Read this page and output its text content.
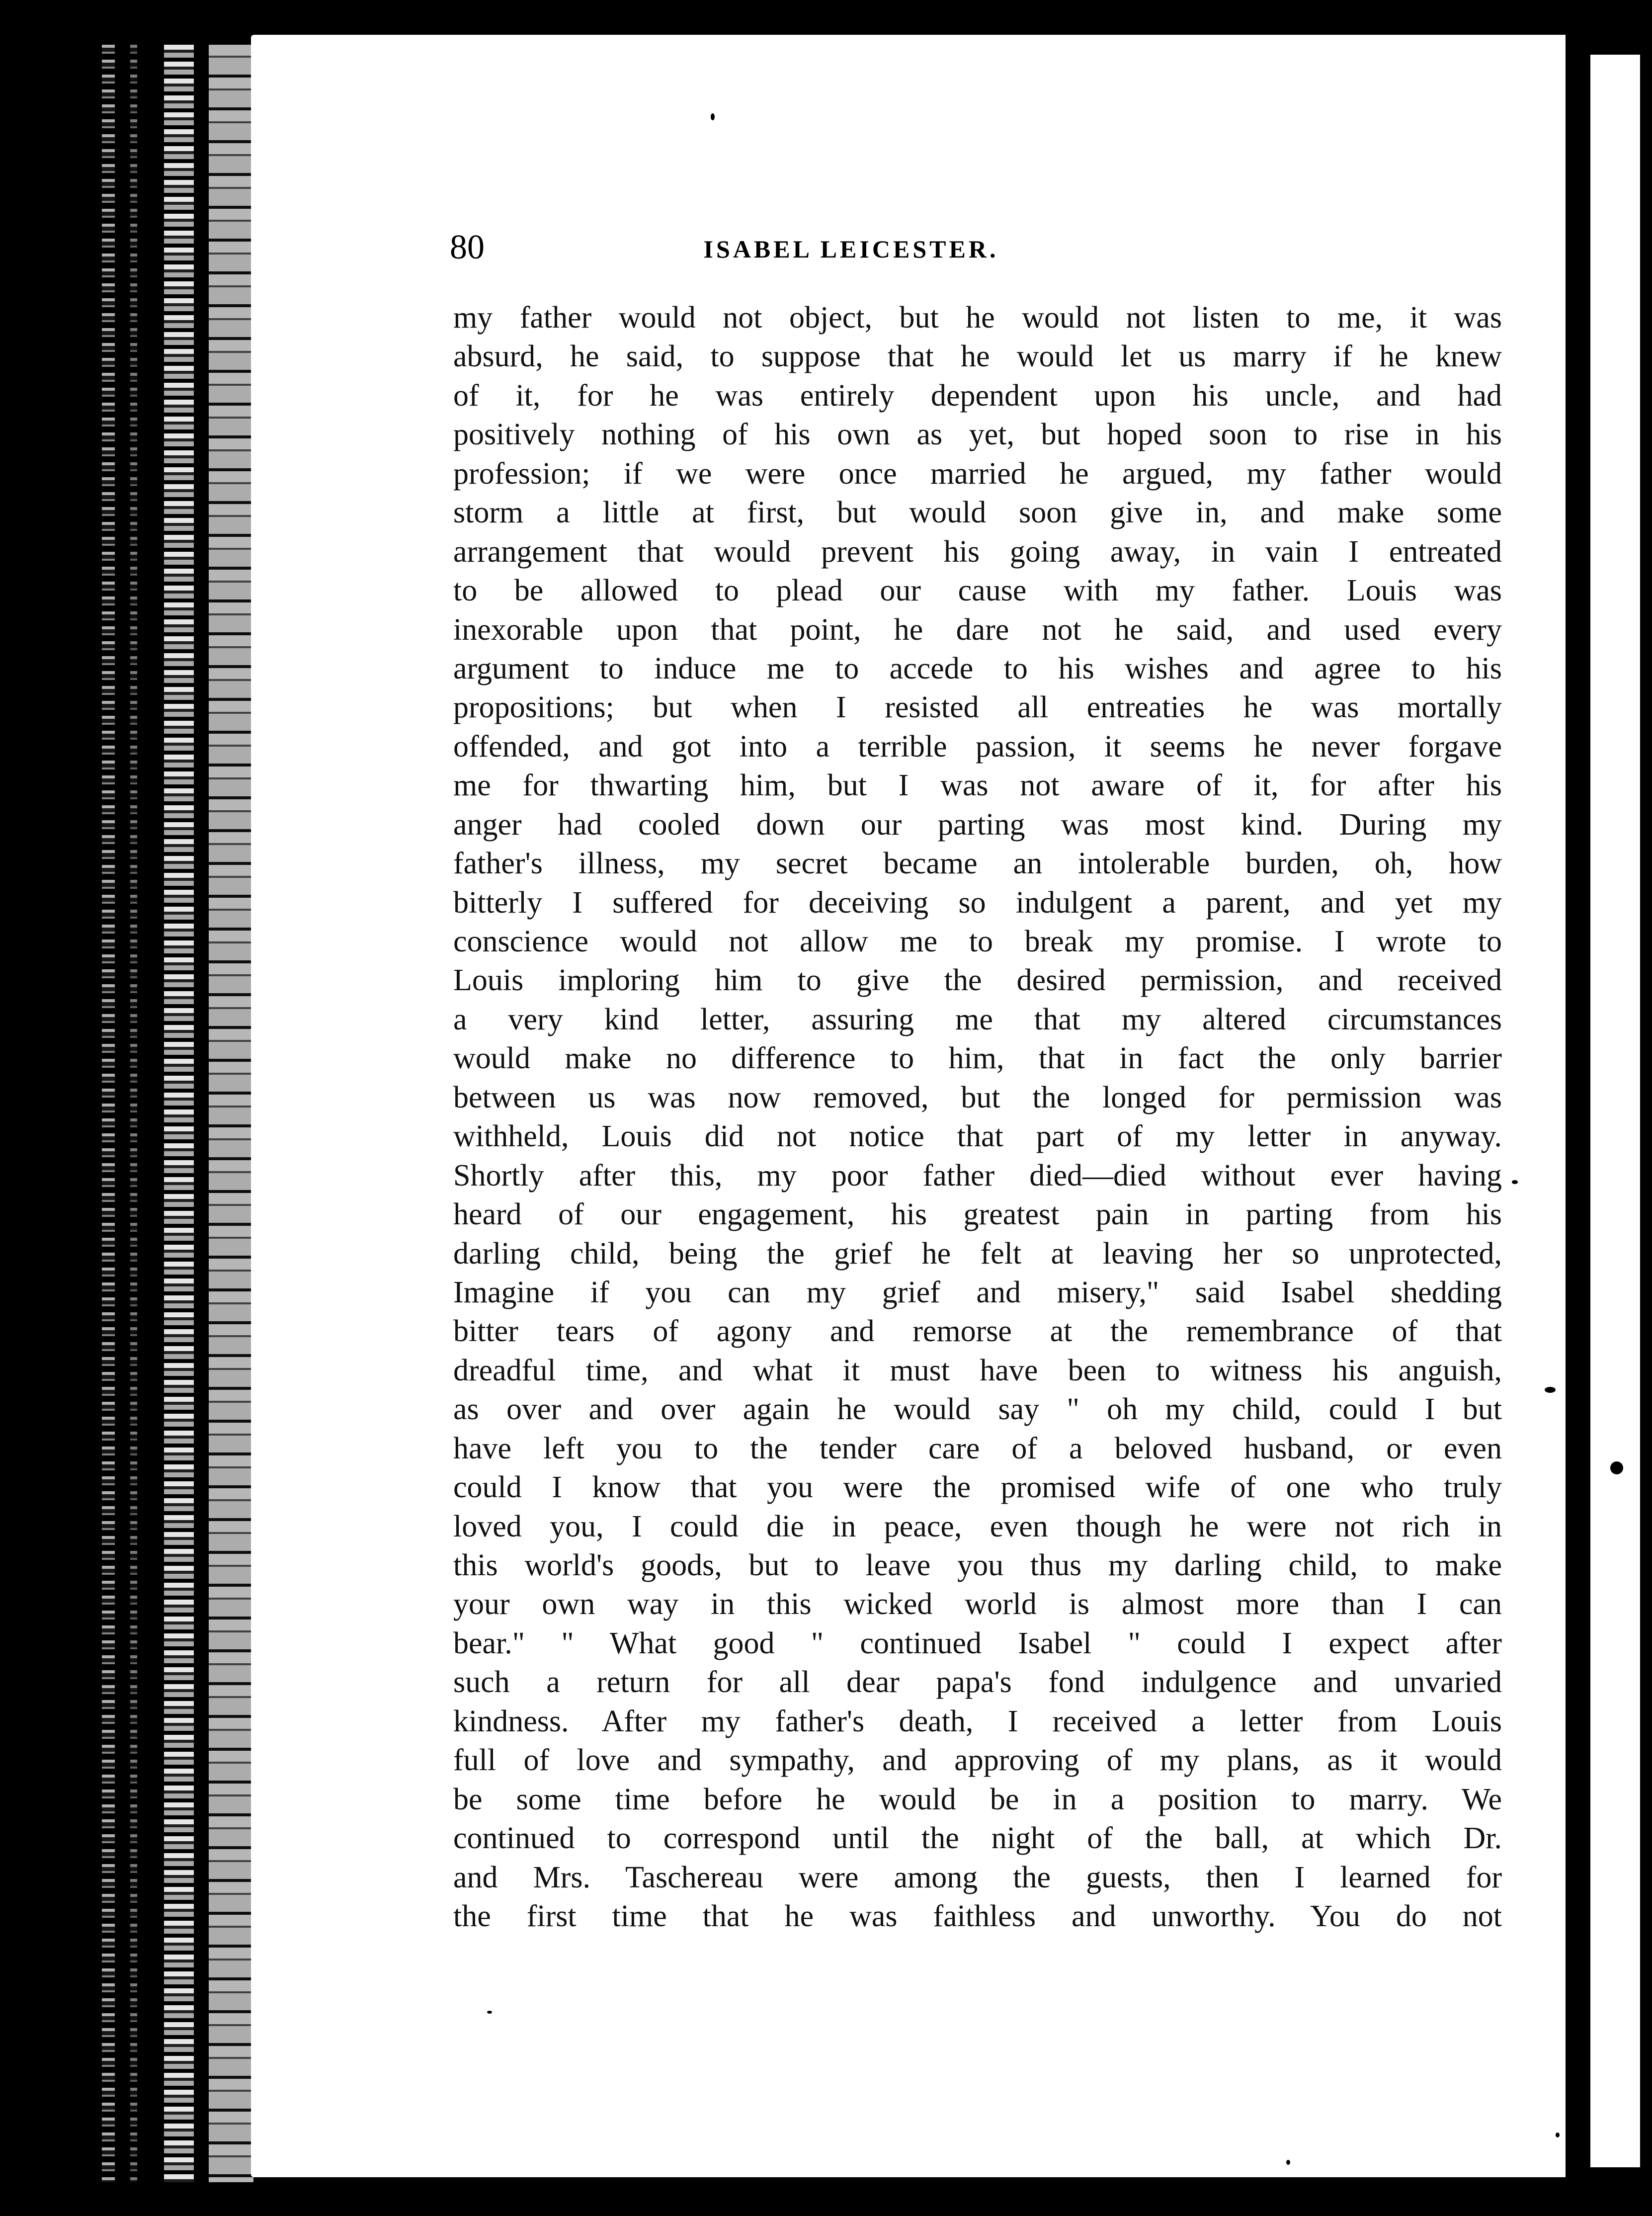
80	ISABEL LEICESTER.
my father would not object, but he would not listen to me, it was
absurd, he said, to suppose that he would let us marry if he knew
of it, for he was entirely dependent upon his uncle, and had
positively nothing of his own as yet, but hoped soon to rise in his
profession; if we were once married he argued, my father would
storm a little at first, but would soon give in, and make some
arrangement that would prevent his going away, in vain I entreated
to be allowed to plead our cause with my father. Louis was
inexorable upon that point, he dare not he said, and used every
argument to induce me to accede to his wishes and agree to his
propositions; but when I resisted all entreaties he was mortally
offended, and got into a terrible passion, it seems he never forgave
me for thwarting him, but I was not aware of it, for after his
anger had cooled down our parting was most kind. During my
father's illness, my secret became an intolerable burden, oh, how
bitterly I suffered for deceiving so indulgent a parent, and yet my
conscience would not allow me to break my promise. I wrote to
Louis imploring him to give the desired permission, and received
a very kind letter, assuring me that my altered circumstances
would make no difference to him, that in fact the only barrier
between us was now removed, but the longed for permission was
withheld, Louis did not notice that part of my letter in anyway.
Shortly after this, my poor father died—died without ever having
heard of our engagement, his greatest pain in parting from his
darling child, being the grief he felt at leaving her so unprotected,
Imagine if you can my grief and misery," said Isabel shedding
bitter tears of agony and remorse at the remembrance of that
dreadful time, and what it must have been to witness his anguish,
as over and over again he would say " oh my child, could I but
have left you to the tender care of a beloved husband, or even
could I know that you were the promised wife of one who truly
loved you, I could die in peace, even though he were not rich in
this world's goods, but to leave you thus my darling child, to make
your own way in this wicked world is almost more than I can
bear." " What good " continued Isabel " could I expect after
such a return for all dear papa's fond indulgence and unvaried
kindness. After my father's death, I received a letter from Louis
full of love and sympathy, and approving of my plans, as it would
be some time before he would be in a position to marry. We
continued to correspond until the night of the ball, at which Dr.
and Mrs. Taschereau were among the guests, then I learned for
the first time that he was faithless and unworthy. You do not
